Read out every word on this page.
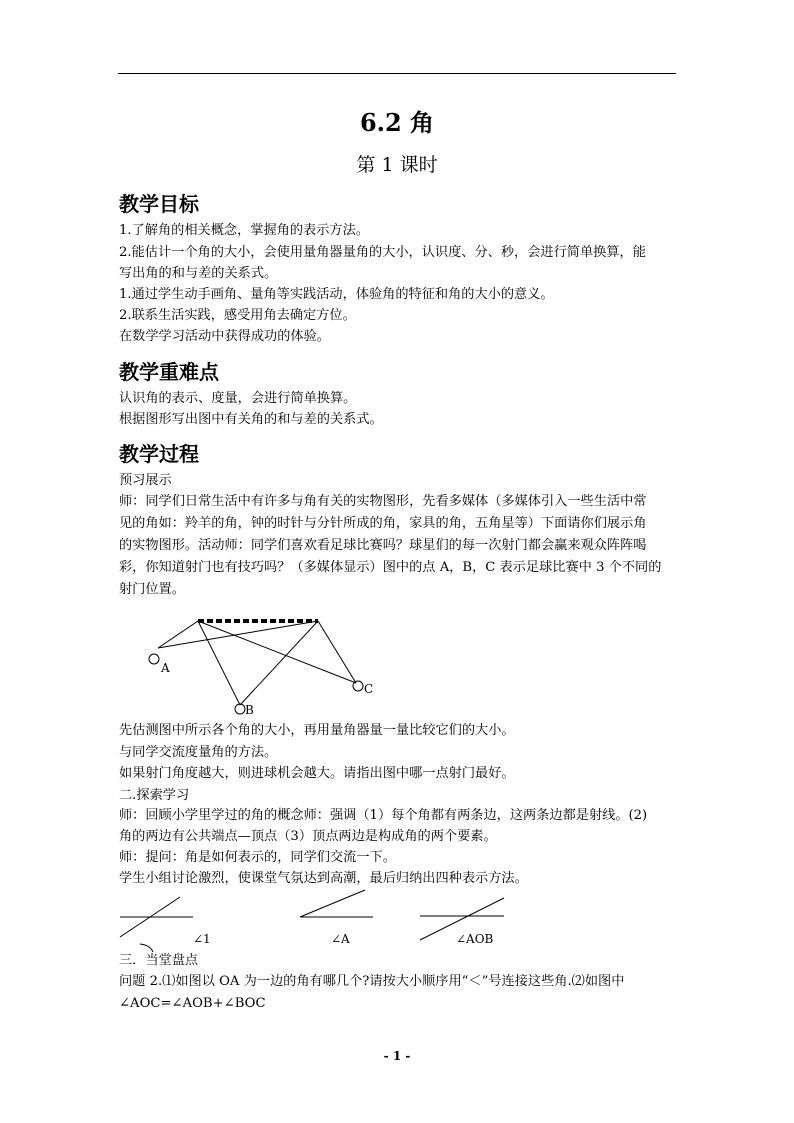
6.2 角
第 1 课时
教学目标
1.了解角的相关概念，掌握角的表示方法。
2.能估计一个角的大小，会使用量角器量角的大小，认识度、分、秒，会进行简单换算，能
写出角的和与差的关系式。
1.通过学生动手画角、量角等实践活动，体验角的特征和角的大小的意义。
2.联系生活实践，感受用角去确定方位。
在数学学习活动中获得成功的体验。
教学重难点
认识角的表示、度量，会进行简单换算。
根据图形写出图中有关角的和与差的关系式。
教学过程
预习展示
师：同学们日常生活中有许多与角有关的实物图形，先看多媒体（多媒体引入一些生活中常
见的角如：羚羊的角，钟的时针与分针所成的角，家具的角，五角星等）下面请你们展示角
的实物图形。活动师：同学们喜欢看足球比赛吗？球星们的每一次射门都会赢来观众阵阵喝
彩，你知道射门也有技巧吗？（多媒体显示）图中的点 A，B，C 表示足球比赛中 3 个不同的
射门位置。
A
B
C
先估测图中所示各个角的大小，再用量角器量一量比较它们的大小。
与同学交流度量角的方法。
如果射门角度越大，则进球机会越大。请指出图中哪一点射门最好。
二.探索学习
师：回顾小学里学过的角的概念师：强调（1）每个角都有两条边，这两条边都是射线。(2)
角的两边有公共端点—顶点（3）顶点两边是构成角的两个要素。
师：提问：角是如何表示的，同学们交流一下。
学生小组讨论激烈，使课堂气氛达到高潮，最后归纳出四种表示方法。
∠1	∠A	∠AOB
三．当堂盘点
问题 2.⑴如图以 OA 为一边的角有哪几个?请按大小顺序用“＜”号连接这些角.⑵如图中
∠AOC=∠AOB+∠BOC
- 1 -
